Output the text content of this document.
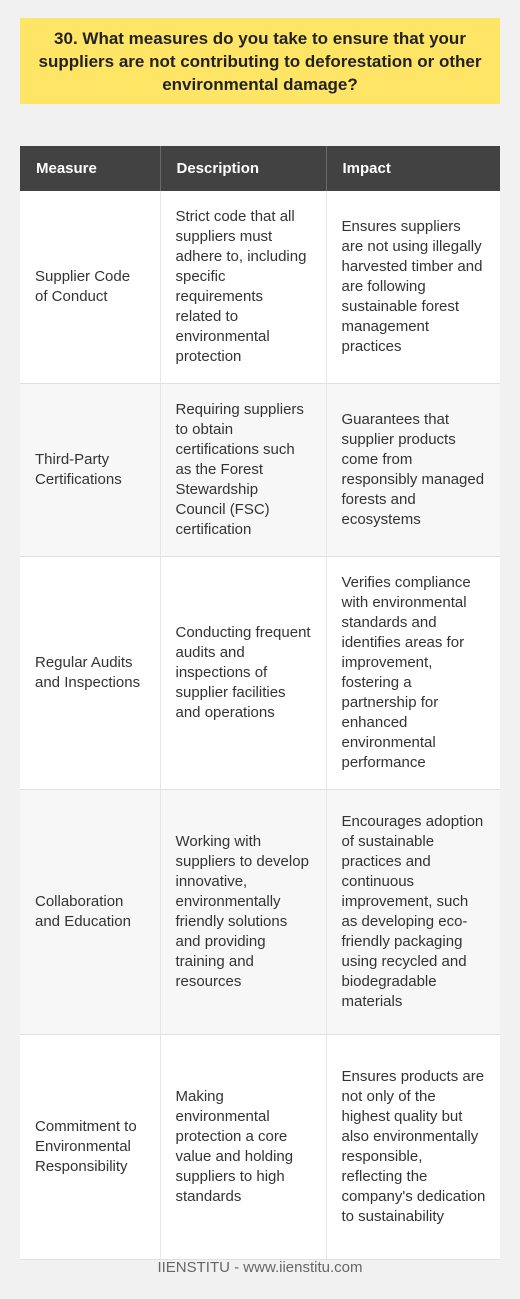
30. What measures do you take to ensure that your suppliers are not contributing to deforestation or other environmental damage?
Measure	Description	Impact
Supplier Code of Conduct	Strict code that all suppliers must adhere to, including specific requirements related to environmental protection	Ensures suppliers are not using illegally harvested timber and are following sustainable forest management practices
Third-Party Certifications	Requiring suppliers to obtain certifications such as the Forest Stewardship Council (FSC) certification	Guarantees that supplier products come from responsibly managed forests and ecosystems
Regular Audits and Inspections	Conducting frequent audits and inspections of supplier facilities and operations	Verifies compliance with environmental standards and identifies areas for improvement, fostering a partnership for enhanced environmental performance
Collaboration and Education	Working with suppliers to develop innovative, environmentally friendly solutions and providing training and resources	Encourages adoption of sustainable practices and continuous improvement, such as developing eco-friendly packaging using recycled and biodegradable materials
Commitment to Environmental Responsibility	Making environmental protection a core value and holding suppliers to high standards	Ensures products are not only of the highest quality but also environmentally responsible, reflecting the company's dedication to sustainability
IIENSTITU - www.iienstitu.com
